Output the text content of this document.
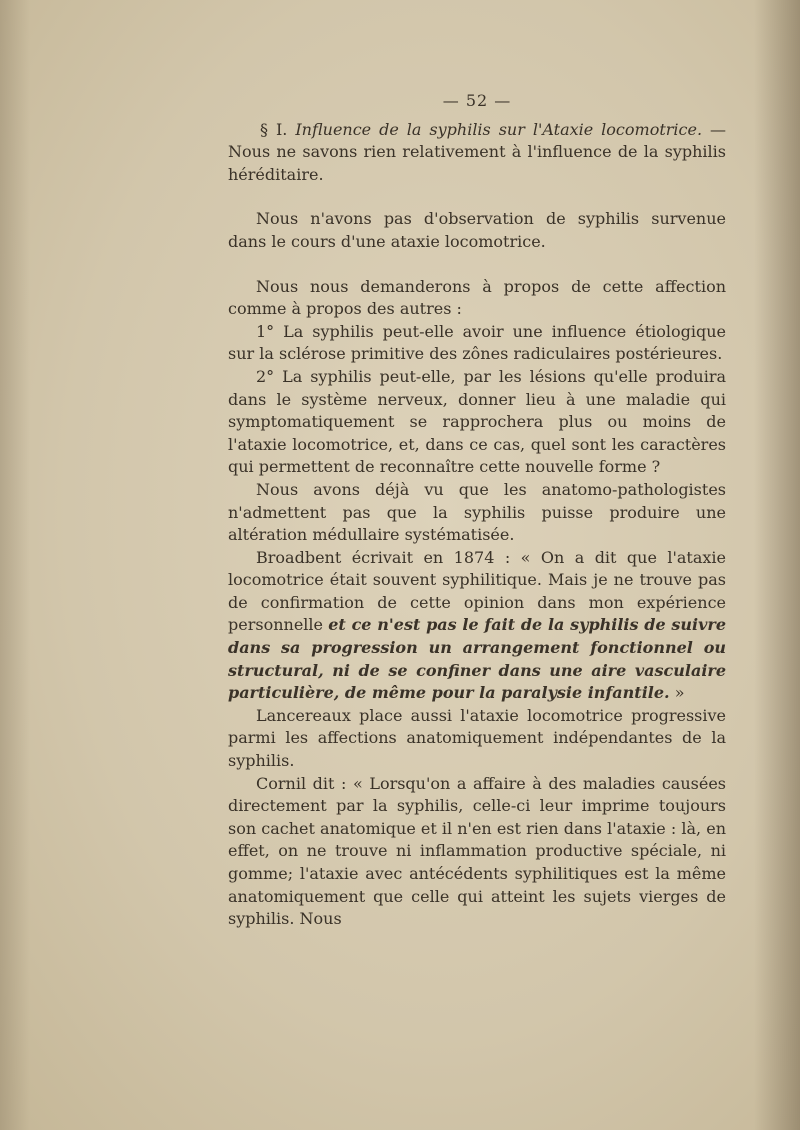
— 52 —

§ I. Influence de la syphilis sur l'Ataxie locomotrice. — Nous ne savons rien relativement à l'influence de la syphilis héréditaire.

Nous n'avons pas d'observation de syphilis survenue dans le cours d'une ataxie locomotrice.

Nous nous demanderons à propos de cette affection comme à propos des autres :

1° La syphilis peut-elle avoir une influence étiologique sur la sclérose primitive des zônes radiculaires postérieures.

2° La syphilis peut-elle, par les lésions qu'elle produira dans le système nerveux, donner lieu à une maladie qui symptomatiquement se rapprochera plus ou moins de l'ataxie locomotrice, et, dans ce cas, quel sont les caractères qui permettent de reconnaître cette nouvelle forme ?

Nous avons déjà vu que les anatomo-pathologistes n'admettent pas que la syphilis puisse produire une altération médullaire systématisée.

Broadbent écrivait en 1874 : « On a dit que l'ataxie locomotrice était souvent syphilitique. Mais je ne trouve pas de confirmation de cette opinion dans mon expérience personnelle et ce n'est pas le fait de la syphilis de suivre dans sa progression un arrangement fonctionnel ou structural, ni de se confiner dans une aire vasculaire particulière, de même pour la paralysie infantile. »

Lancereaux place aussi l'ataxie locomotrice progressive parmi les affections anatomiquement indépendantes de la syphilis.

Cornil dit : « Lorsqu'on a affaire à des maladies causées directement par la syphilis, celle-ci leur imprime toujours son cachet anatomique et il n'en est rien dans l'ataxie : là, en effet, on ne trouve ni inflammation productive spéciale, ni gomme; l'ataxie avec antécédents syphilitiques est la même anatomiquement que celle qui atteint les sujets vierges de syphilis. Nous
